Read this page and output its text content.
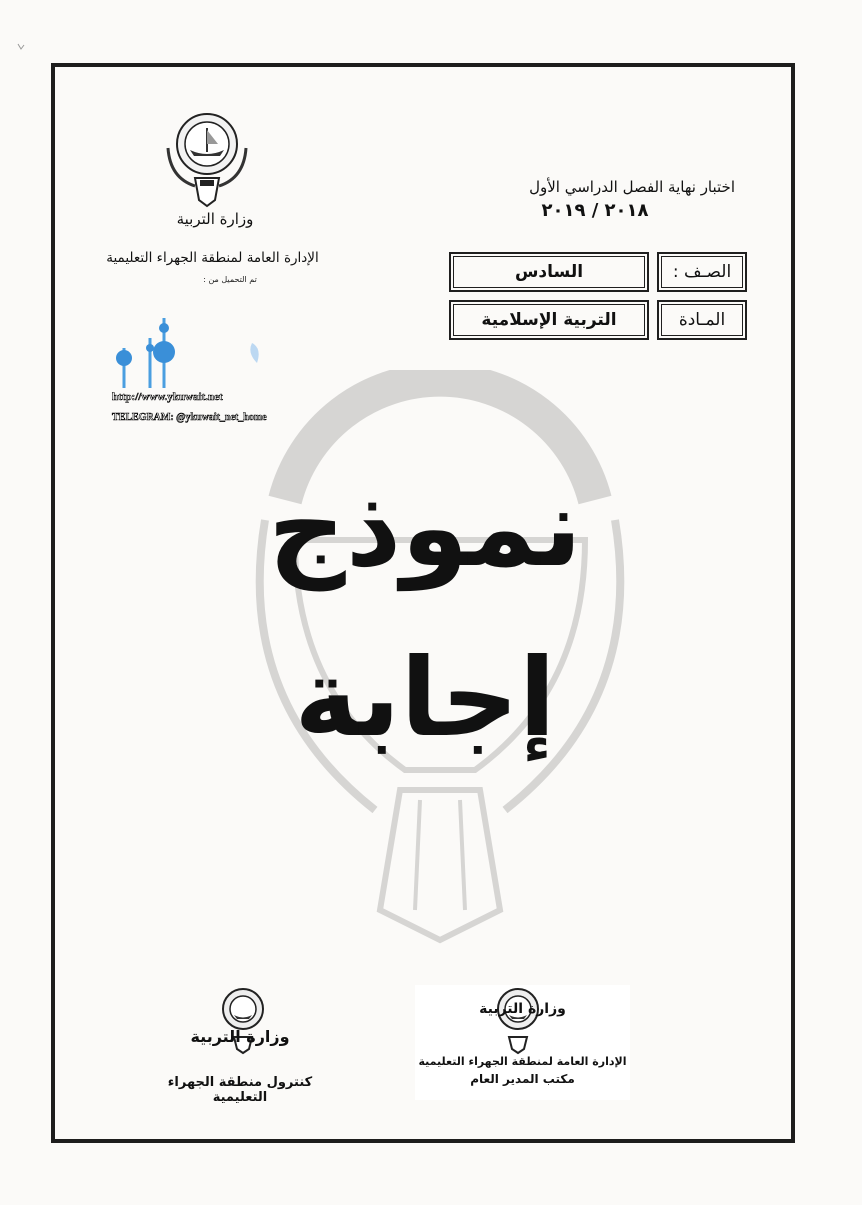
وزارة التربية
الإدارة العامة لمنطقة الجهراء التعليمية
تم التحميل من :
http://www.ykuwait.net
TELEGRAM: @ykuwait_net_home
اختبار نهاية الفصل الدراسي الأول
٢٠١٨ / ٢٠١٩
الصـف :
السادس
المـادة
التربية الإسلامية
نموذج
إجابة
وزارة التربية
كنترول منطقة الجهراء التعليمية
وزارة التربية
الإدارة العامة لمنطقة الجهراء التعليمية
مكتب المدير العام
